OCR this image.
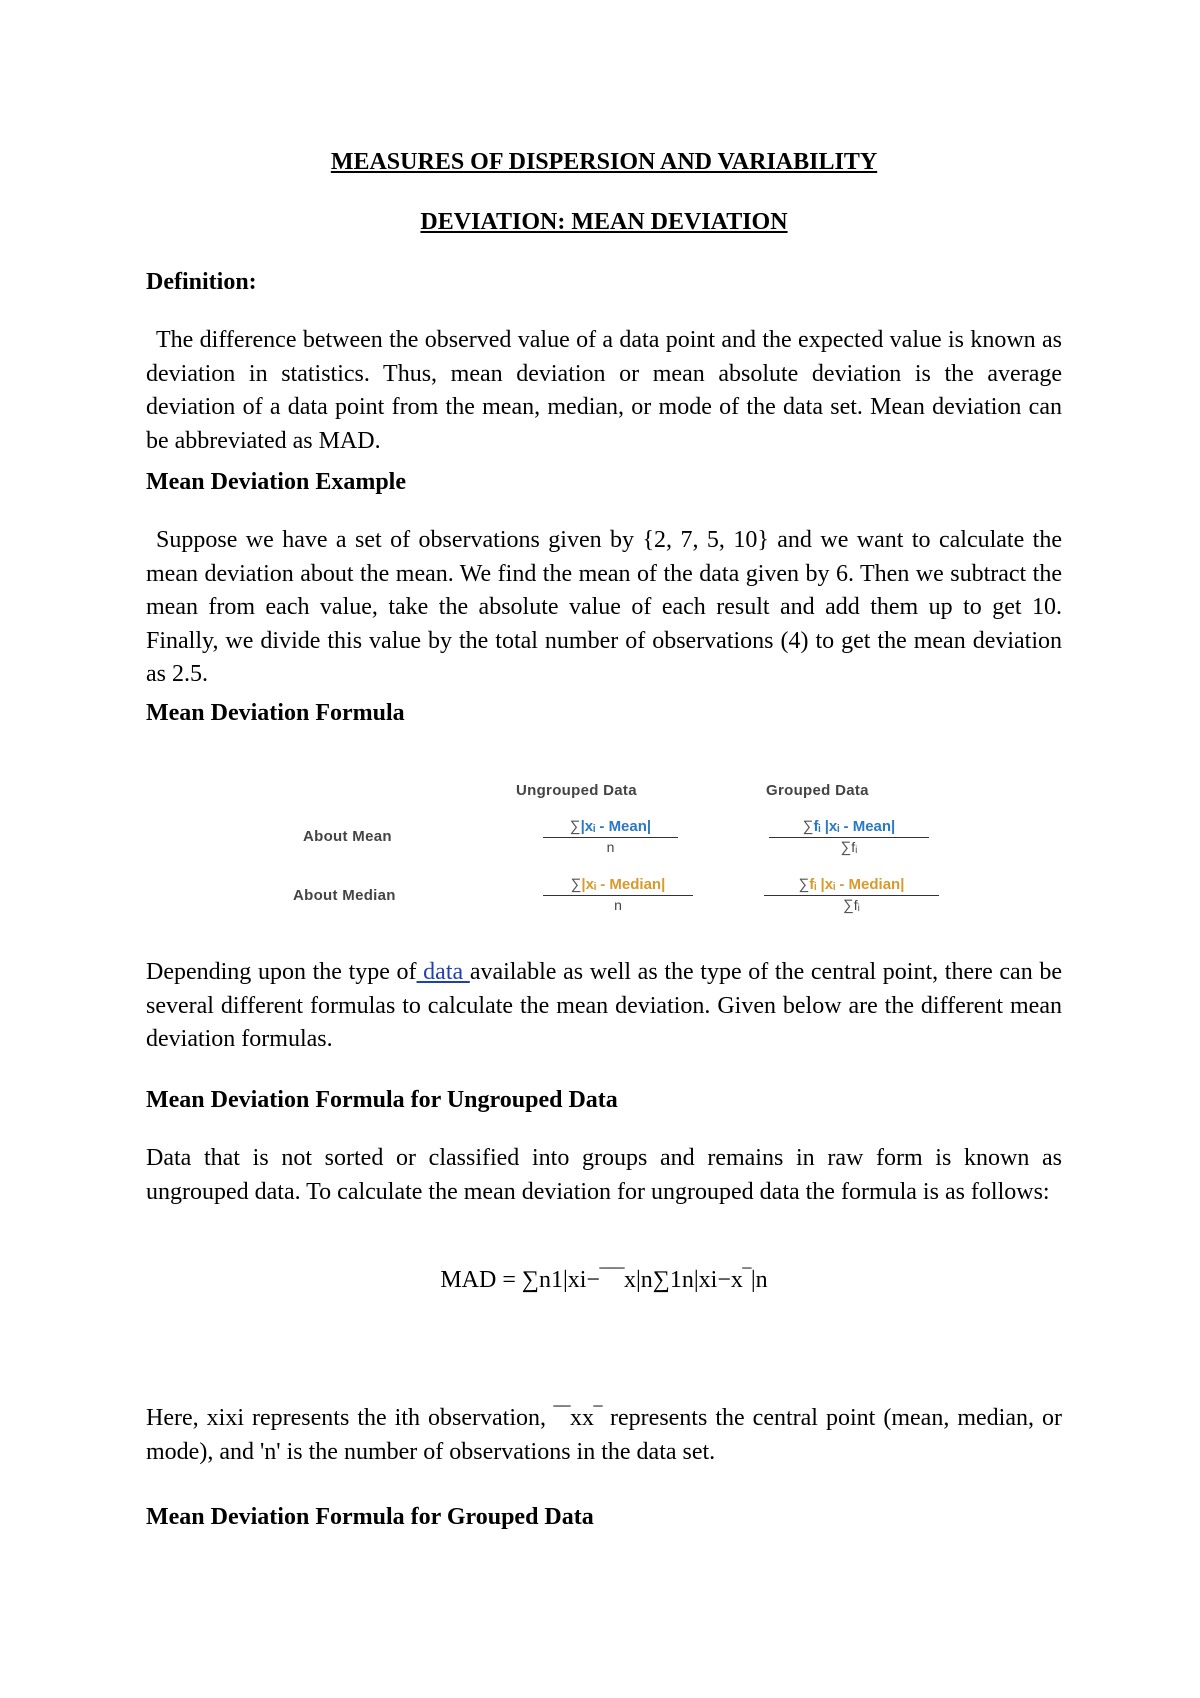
MEASURES OF DISPERSION AND VARIABILITY
DEVIATION: MEAN DEVIATION
Definition:
The difference between the observed value of a data point and the expected value is known as deviation in statistics. Thus, mean deviation or mean absolute deviation is the average deviation of a data point from the mean, median, or mode of the data set. Mean deviation can be abbreviated as MAD.
Mean Deviation Example
Suppose we have a set of observations given by {2, 7, 5, 10} and we want to calculate the mean deviation about the mean. We find the mean of the data given by 6. Then we subtract the mean from each value, take the absolute value of each result and add them up to get 10. Finally, we divide this value by the total number of observations (4) to get the mean deviation as 2.5.
Mean Deviation Formula
Ungrouped Data	Grouped Data
About Mean
About Median
∑|xᵢ - Mean|
n
∑fᵢ |xᵢ - Mean|
∑fᵢ
∑|xᵢ - Median|
n
∑fᵢ |xᵢ - Median|
∑fᵢ
Depending upon the type of data available as well as the type of the central point, there can be several different formulas to calculate the mean deviation. Given below are the different mean deviation formulas.
Mean Deviation Formula for Ungrouped Data
Data that is not sorted or classified into groups and remains in raw form is known as ungrouped data. To calculate the mean deviation for ungrouped data the formula is as follows:
MAD = ∑n1|xi−‾‾‾x|n∑1n|xi−x‾|n
Here, xixi represents the ith observation, ‾‾xx‾ represents the central point (mean, median, or mode), and 'n' is the number of observations in the data set.
Mean Deviation Formula for Grouped Data
